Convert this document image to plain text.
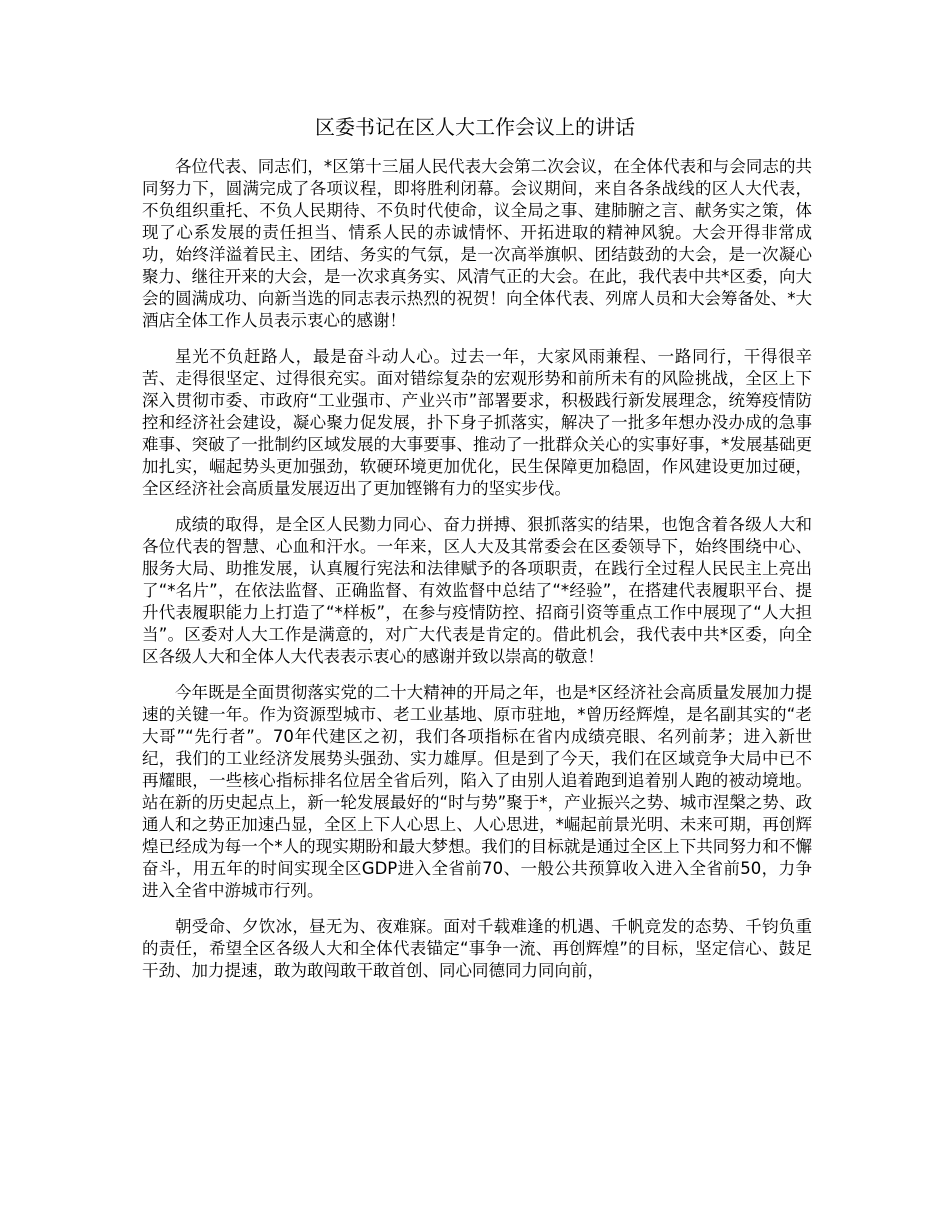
区委书记在区人大工作会议上的讲话

各位代表、同志们，*区第十三届人民代表大会第二次会议，在全体代表和与会同志的共同努力下，圆满完成了各项议程，即将胜利闭幕。会议期间，来自各条战线的区人大代表，不负组织重托、不负人民期待、不负时代使命，议全局之事、建肺腑之言、献务实之策，体现了心系发展的责任担当、情系人民的赤诚情怀、开拓进取的精神风貌。大会开得非常成功，始终洋溢着民主、团结、务实的气氛，是一次高举旗帜、团结鼓劲的大会，是一次凝心聚力、继往开来的大会，是一次求真务实、风清气正的大会。在此，我代表中共*区委，向大会的圆满成功、向新当选的同志表示热烈的祝贺！向全体代表、列席人员和大会筹备处、*大酒店全体工作人员表示衷心的感谢！

星光不负赶路人，最是奋斗动人心。过去一年，大家风雨兼程、一路同行，干得很辛苦、走得很坚定、过得很充实。面对错综复杂的宏观形势和前所未有的风险挑战，全区上下深入贯彻市委、市政府“工业强市、产业兴市”部署要求，积极践行新发展理念，统筹疫情防控和经济社会建设，凝心聚力促发展，扑下身子抓落实，解决了一批多年想办没办成的急事难事、突破了一批制约区域发展的大事要事、推动了一批群众关心的实事好事，*发展基础更加扎实，崛起势头更加强劲，软硬环境更加优化，民生保障更加稳固，作风建设更加过硬，全区经济社会高质量发展迈出了更加铿锵有力的坚实步伐。

成绩的取得，是全区人民勠力同心、奋力拼搏、狠抓落实的结果，也饱含着各级人大和各位代表的智慧、心血和汗水。一年来，区人大及其常委会在区委领导下，始终围绕中心、服务大局、助推发展，认真履行宪法和法律赋予的各项职责，在践行全过程人民民主上亮出了“*名片”，在依法监督、正确监督、有效监督中总结了“*经验”，在搭建代表履职平台、提升代表履职能力上打造了“*样板”，在参与疫情防控、招商引资等重点工作中展现了“人大担当”。区委对人大工作是满意的，对广大代表是肯定的。借此机会，我代表中共*区委，向全区各级人大和全体人大代表表示衷心的感谢并致以崇高的敬意！

今年既是全面贯彻落实党的二十大精神的开局之年，也是*区经济社会高质量发展加力提速的关键一年。作为资源型城市、老工业基地、原市驻地，*曾历经辉煌，是名副其实的“老大哥”“先行者”。70年代建区之初，我们各项指标在省内成绩亮眼、名列前茅；进入新世纪，我们的工业经济发展势头强劲、实力雄厚。但是到了今天，我们在区域竞争大局中已不再耀眼，一些核心指标排名位居全省后列，陷入了由别人追着跑到追着别人跑的被动境地。站在新的历史起点上，新一轮发展最好的“时与势”聚于*，产业振兴之势、城市涅槃之势、政通人和之势正加速凸显，全区上下人心思上、人心思进，*崛起前景光明、未来可期，再创辉煌已经成为每一个*人的现实期盼和最大梦想。我们的目标就是通过全区上下共同努力和不懈奋斗，用五年的时间实现全区GDP进入全省前70、一般公共预算收入进入全省前50，力争进入全省中游城市行列。

朝受命、夕饮冰，昼无为、夜难寐。面对千载难逢的机遇、千帆竞发的态势、千钧负重的责任，希望全区各级人大和全体代表锚定“事争一流、再创辉煌”的目标，坚定信心、鼓足干劲、加力提速，敢为敢闯敢干敢首创、同心同德同力同向前，
